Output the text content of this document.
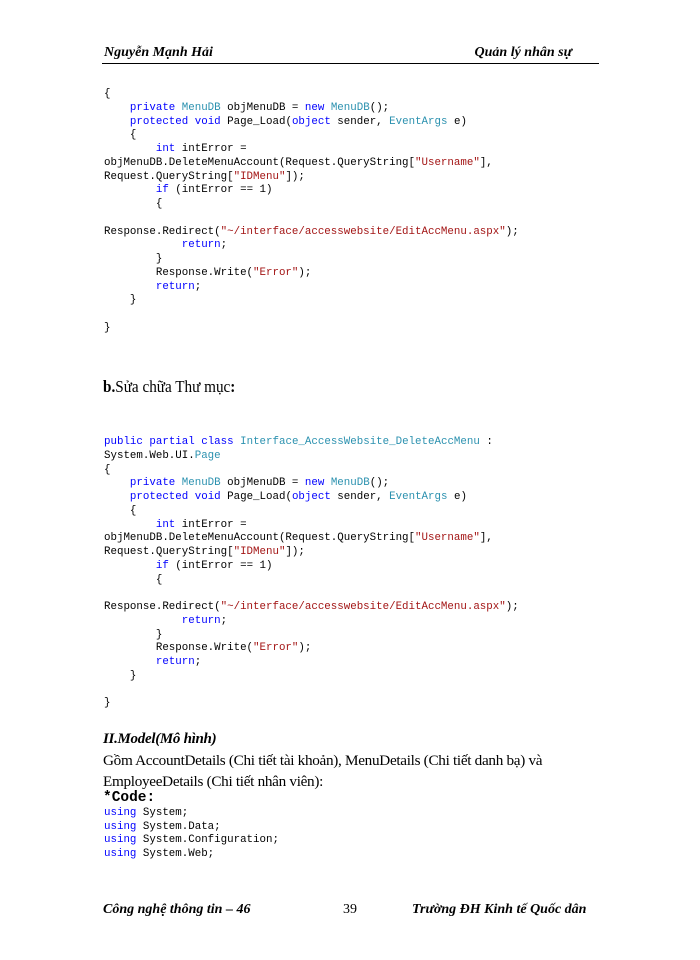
Nguyễn Mạnh Hải	Quản lý nhân sự
{
private MenuDB objMenuDB = new MenuDB();
protected void Page_Load(object sender, EventArgs e)
{
int intError =
objMenuDB.DeleteMenuAccount(Request.QueryString["Username"],
Request.QueryString["IDMenu"]);
if (intError == 1)
{
Response.Redirect("~/interface/accesswebsite/EditAccMenu.aspx");
return;
}
Response.Write("Error");
return;
}
}
b.Sửa chữa Thư mục:
public partial class Interface_AccessWebsite_DeleteAccMenu :
System.Web.UI.Page
{
private MenuDB objMenuDB = new MenuDB();
protected void Page_Load(object sender, EventArgs e)
{
int intError =
objMenuDB.DeleteMenuAccount(Request.QueryString["Username"],
Request.QueryString["IDMenu"]);
if (intError == 1)
{
Response.Redirect("~/interface/accesswebsite/EditAccMenu.aspx");
return;
}
Response.Write("Error");
return;
}
}
II.Model(Mô hình)
Gồm AccountDetails (Chi tiết tài khoản), MenuDetails (Chi tiết danh bạ) và EmployeeDetails (Chi tiết nhân viên):
*Code:
using System;
using System.Data;
using System.Configuration;
using System.Web;
Công nghệ thông tin – 46	39	Trường ĐH Kinh tế Quốc dân
